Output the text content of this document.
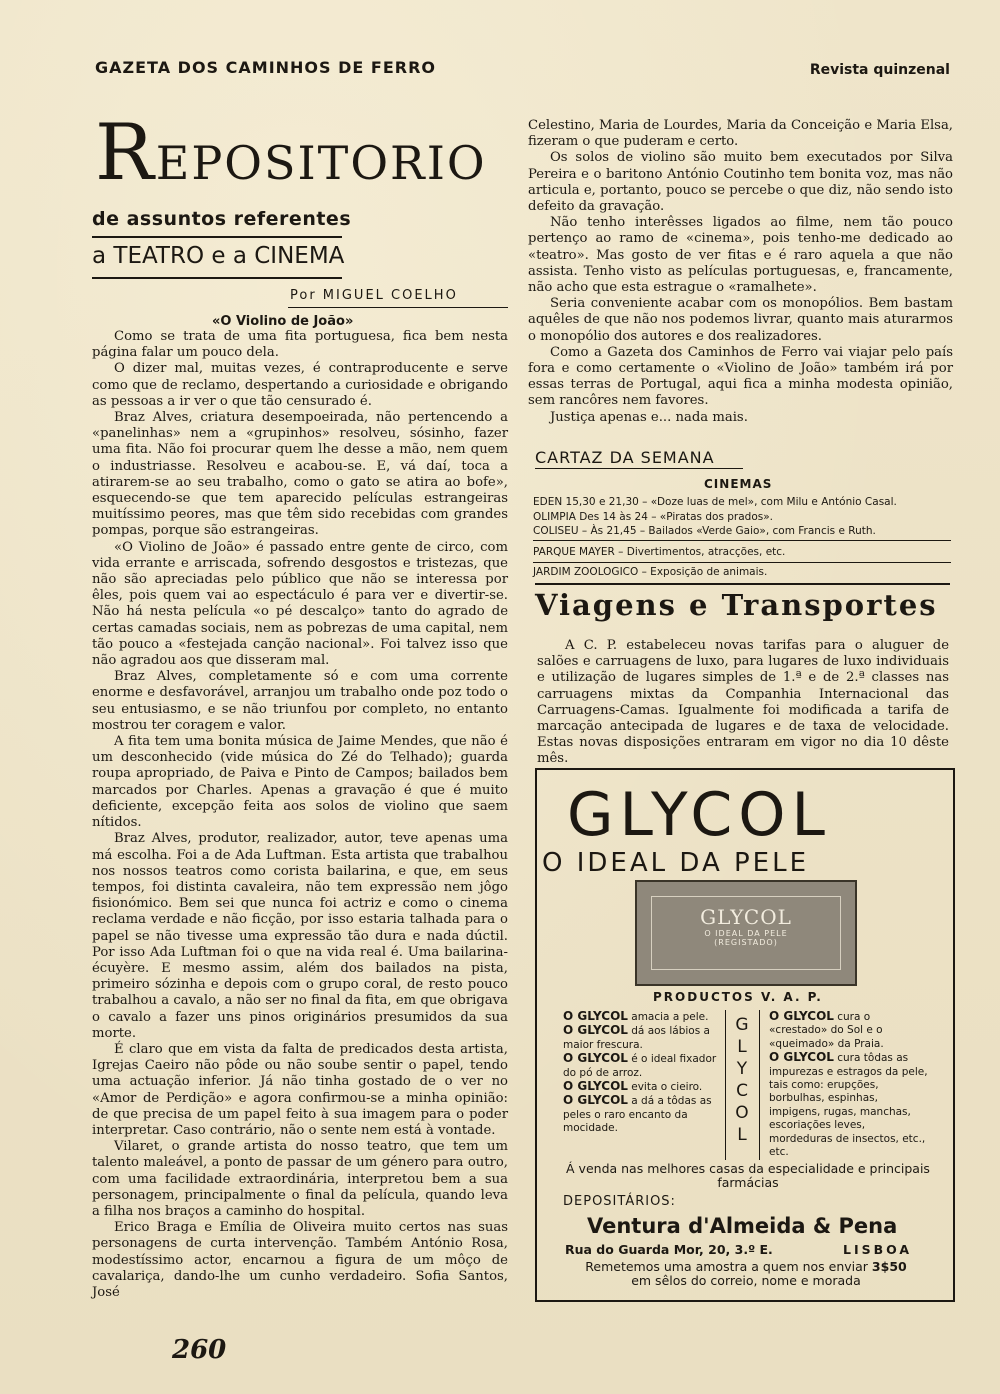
GAZETA DOS CAMINHOS DE FERRO	Revista quinzenal
REPOSITORIO
de assuntos referentes
a TEATRO e a CINEMA
Por MIGUEL COELHO
«O Violino de João»

Como se trata de uma fita portuguesa, fica bem nesta página falar um pouco dela.

O dizer mal, muitas vezes, é contraproducente e serve como que de reclamo, despertando a curiosidade e obrigando as pessoas a ir ver o que tão censurado é.

Braz Alves, criatura desempoeirada, não pertencendo a «panelinhas» nem a «grupinhos» resolveu, sósinho, fazer uma fita. Não foi procurar quem lhe desse a mão, nem quem o industriasse. Resolveu e acabou-se. E, vá daí, toca a atirarem-se ao seu trabalho, como o gato se atira ao bofe», esquecendo-se que tem aparecido películas estrangeiras muitíssimo peores, mas que têm sido recebidas com grandes pompas, porque são estrangeiras.

«O Violino de João» é passado entre gente de circo, com vida errante e arriscada, sofrendo desgostos e tristezas, que não são apreciadas pelo público que não se interessa por êles, pois quem vai ao espectáculo é para ver e divertir-se. Não há nesta película «o pé descalço» tanto do agrado de certas camadas sociais, nem as pobrezas de uma capital, nem tão pouco a «festejada canção nacional». Foi talvez isso que não agradou aos que disseram mal.

Braz Alves, completamente só e com uma corrente enorme e desfavorável, arranjou um trabalho onde poz todo o seu entusiasmo, e se não triunfou por completo, no entanto mostrou ter coragem e valor.

A fita tem uma bonita música de Jaime Mendes, que não é um desconhecido (vide música do Zé do Telhado); guarda roupa apropriado, de Paiva e Pinto de Campos; bailados bem marcados por Charles. Apenas a gravação é que é muito deficiente, excepção feita aos solos de violino que saem nítidos.

Braz Alves, produtor, realizador, autor, teve apenas uma má escolha. Foi a de Ada Luftman. Esta artista que trabalhou nos nossos teatros como corista bailarina, e que, em seus tempos, foi distinta cavaleira, não tem expressão nem jôgo fisionómico. Bem sei que nunca foi actriz e como o cinema reclama verdade e não ficção, por isso estaria talhada para o papel se não tivesse uma expressão tão dura e nada dúctil. Por isso Ada Luftman foi o que na vida real é. Uma bailarina-écuyère. E mesmo assim, além dos bailados na pista, primeiro sózinha e depois com o grupo coral, de resto pouco trabalhou a cavalo, a não ser no final da fita, em que obrigava o cavalo a fazer uns pinos originários presumidos da sua morte.

É claro que em vista da falta de predicados desta artista, Igrejas Caeiro não pôde ou não soube sentir o papel, tendo uma actuação inferior. Já não tinha gostado de o ver no «Amor de Perdição» e agora confirmou-se a minha opinião: de que precisa de um papel feito à sua imagem para o poder interpretar. Caso contrário, não o sente nem está à vontade.

Vilaret, o grande artista do nosso teatro, que tem um talento maleável, a ponto de passar de um género para outro, com uma facilidade extraordinária, interpretou bem a sua personagem, principalmente o final da película, quando leva a filha nos braços a caminho do hospital.

Erico Braga e Emília de Oliveira muito certos nas suas personagens de curta intervenção. Também António Rosa, modestíssimo actor, encarnou a figura de um môço de cavalariça, dando-lhe um cunho verdadeiro. Sofia Santos, José

Celestino, Maria de Lourdes, Maria da Conceição e Maria Elsa, fizeram o que puderam e certo.

Os solos de violino são muito bem executados por Silva Pereira e o baritono António Coutinho tem bonita voz, mas não articula e, portanto, pouco se percebe o que diz, não sendo isto defeito da gravação.

Não tenho interêsses ligados ao filme, nem tão pouco pertenço ao ramo de «cinema», pois tenho-me dedicado ao «teatro». Mas gosto de ver fitas e é raro aquela a que não assista. Tenho visto as películas portuguesas, e, francamente, não acho que esta estrague o «ramalhete».

Seria conveniente acabar com os monopólios. Bem bastam aquêles de que não nos podemos livrar, quanto mais aturarmos o monopólio dos autores e dos realizadores.

Como a Gazeta dos Caminhos de Ferro vai viajar pelo país fora e como certamente o «Violino de João» também irá por essas terras de Portugal, aqui fica a minha modesta opinião, sem rancôres nem favores.

Justiça apenas e... nada mais.

CARTAZ DA SEMANA
CINEMAS
EDEN 15,30 e 21,30 – «Doze luas de mel», com Milu e António Casal.
OLIMPIA Des 14 às 24 – «Piratas dos prados».
COLISEU – Às 21,45 – Bailados «Verde Gaio», com Francis e Ruth.
PARQUE MAYER – Divertimentos, atracções, etc.
JARDIM ZOOLOGICO – Exposição de animais.
Viagens e Transportes

A C. P. estabeleceu novas tarifas para o aluguer de salões e carruagens de luxo, para lugares de luxo individuais e utilização de lugares simples de 1.ª e de 2.ª classes nas carruagens mixtas da Companhia Internacional das Carruagens-Camas. Igualmente foi modificada a tarifa de marcação antecipada de lugares e de taxa de velocidade. Estas novas disposições entraram em vigor no dia 10 dêste mês.

GLYCOL
O IDEAL DA PELE
GLYCOL
O IDEAL DA PELE
(REGISTADO)
PRODUCTOS V. A. P.

O GLYCOL amacia a pele.

O GLYCOL dá aos lábios a maior frescura.

O GLYCOL é o ideal fixador do pó de arroz.

O GLYCOL evita o cieiro.

O GLYCOL a dá a tôdas as peles o raro encanto da mocidade.

G
L
Y
C
O
L

O GLYCOL cura o «crestado» do Sol e o «queimado» da Praia.

O GLYCOL cura tôdas as impurezas e estragos da pele, tais como: erupções, borbulhas, espinhas, impigens, rugas, manchas, escoriações leves, mordeduras de insectos, etc., etc.

Á venda nas melhores casas da especialidade e principais farmácias
DEPOSITÁRIOS:
Ventura d'Almeida & Pena
Rua do Guarda Mor, 20, 3.º E.	LISBOA
Remetemos uma amostra a quem nos enviar 3$50
em sêlos do correio, nome e morada
260
